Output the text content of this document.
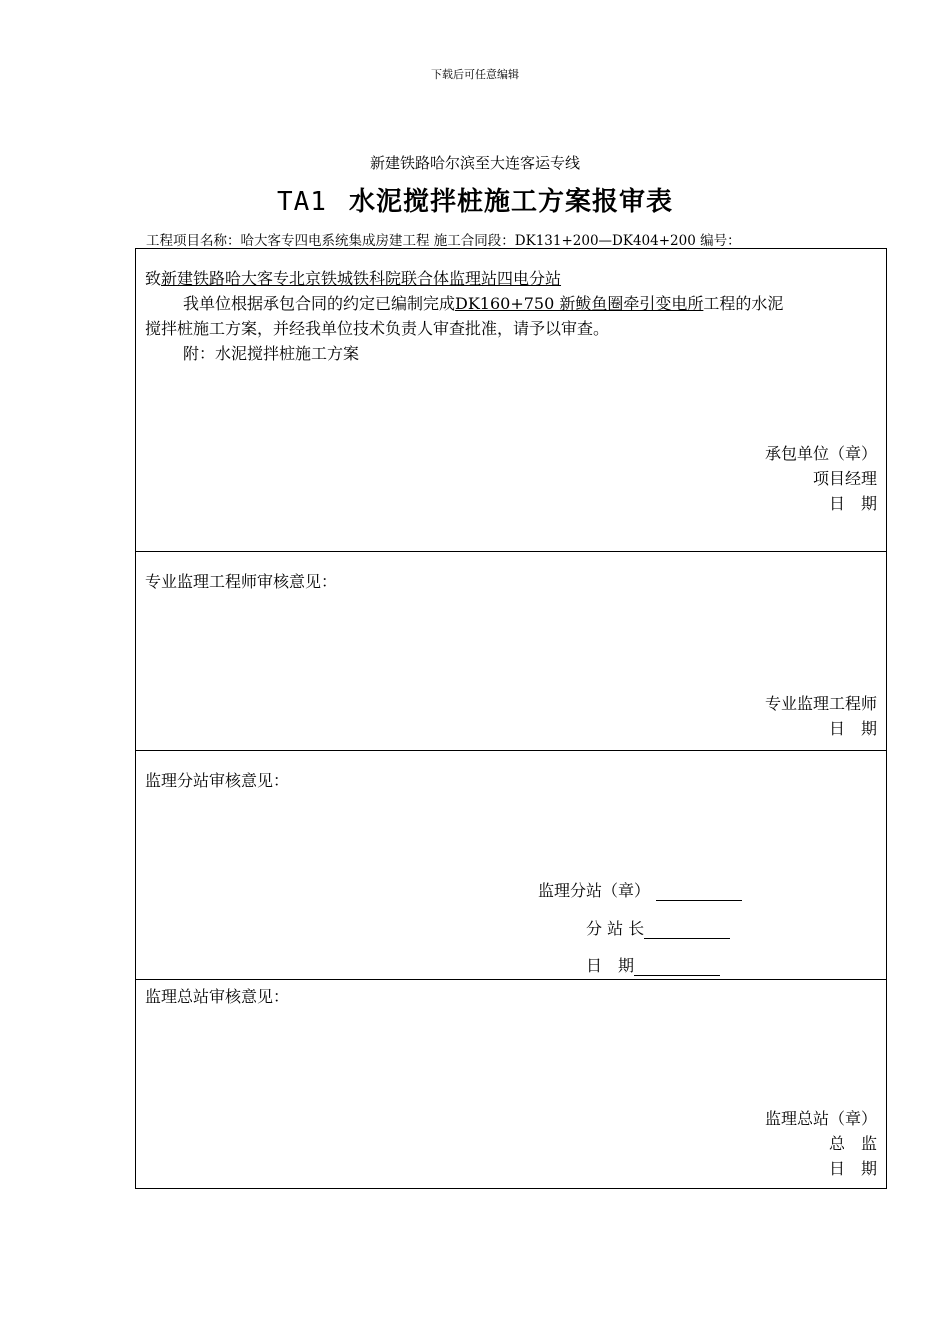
下载后可任意编辑
新建铁路哈尔滨至大连客运专线
TA1 水泥搅拌桩施工方案报审表
工程项目名称：哈大客专四电系统集成房建工程 施工合同段：DK131+200—DK404+200 编号：
致新建铁路哈大客专北京铁城铁科院联合体监理站四电分站
我单位根据承包合同的约定已编制完成DK160+750 新鲅鱼圈牵引变电所工程的水泥
搅拌桩施工方案，并经我单位技术负责人审查批准，请予以审查。
附：水泥搅拌桩施工方案
承包单位（章）
项目经理
日　期
专业监理工程师审核意见：
专业监理工程师
日　期
监理分站审核意见：
监理分站（章）
分 站 长
日　期
监理总站审核意见：
监理总站（章）
总　监
日　期
